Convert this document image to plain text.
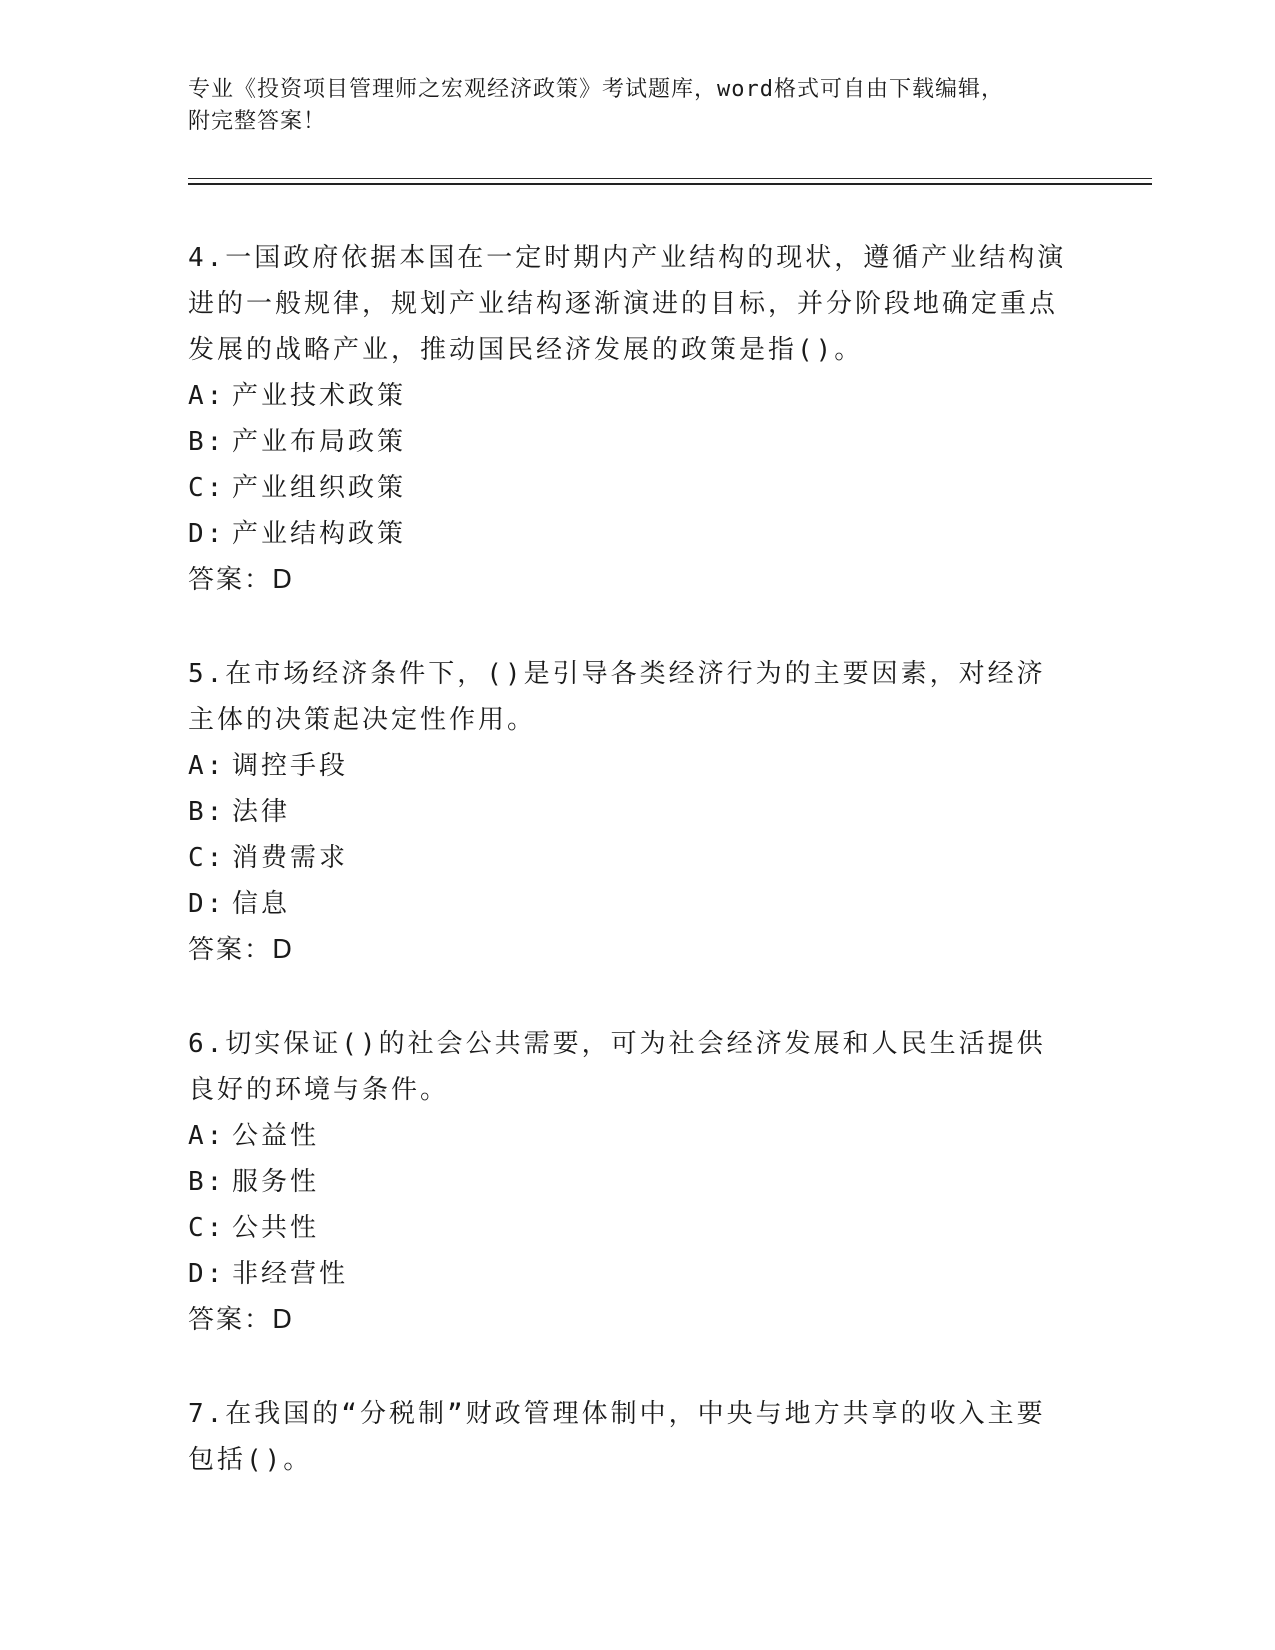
专业《投资项目管理师之宏观经济政策》考试题库，word格式可自由下载编辑，
附完整答案！

4.一国政府依据本国在一定时期内产业结构的现状，遵循产业结构演进的一般规律，规划产业结构逐渐演进的目标，并分阶段地确定重点发展的战略产业，推动国民经济发展的政策是指()。

A: 产业技术政策

B: 产业布局政策

C: 产业组织政策

D: 产业结构政策

答案：D

5.在市场经济条件下，()是引导各类经济行为的主要因素，对经济主体的决策起决定性作用。

A: 调控手段

B: 法律

C: 消费需求

D: 信息

答案：D

6.切实保证()的社会公共需要，可为社会经济发展和人民生活提供良好的环境与条件。

A: 公益性

B: 服务性

C: 公共性

D: 非经营性

答案：D

7.在我国的“分税制”财政管理体制中，中央与地方共享的收入主要包括()。
